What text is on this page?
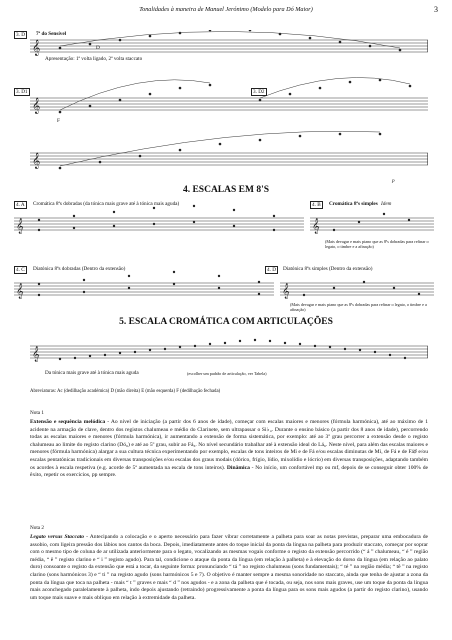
Tonalidades à maneira de Manuel Jerónimo (Modelo para Dó Maior)	3
𝄞
𝄞
𝄞
3. D	7ª do Sensível
Apresentação: 1ª volta ligado, 2ª volta staccato
D
3. D1	3. D2
F
p
4. ESCALAS EM 8'S
𝄞	𝄞
𝄞	𝄞
4. A	Cromática 8ªs dobradas (da tónica mais grave até à tónica mais aguda)	4. B	Cromática 8ªs simples Idem
(Mais devagar e mais piano que as 8ªs dobradas para refinar o legato, o timbre e a afinação)
4. C	Diatónica 8ªs dobradas (Dentro da extensão)	4. D	Diatónica 8ªs simples (Dentro da extensão)
(Mais devagar e mais piano que as 8ªs dobradas para refinar o legato, o timbre e a afinação)
5. ESCALA CROMÁTICA COM ARTICULAÇÕES
𝄞
Da tónica mais grave até à tónica mais aguda	(escolher um padrão de articulação, ver Tabela)
Abreviaturas: Ac (dedilhação académica) D (mão direita) E (mão esquerda) F (dedilhação fechada)
Nota 1
Extensão e sequência melódica - Ao nível de iniciação (a partir dos 6 anos de idade), começar com escalas maiores e menores (fórmula harmónica), até ao máximo de 1 acidente na armação de clave, dentro dos registos chalumeau e médio do Clarinete, sem ultrapassar o Si♭₄. Durante o ensino básico (a partir dos 8 anos de idade), percorrendo todas as escalas maiores e menores (fórmula harmónica), ir aumentando a extensão de forma sistemática, por exemplo: até ao 3º grau percorrer a extensão desde o registo chalumeau ao limite do registo clarino (Dó₆) e até ao 5º grau, subir ao Fá₆. No nível secundário trabalhar até à extensão ideal do Lá₆. Neste nível, para além das escalas maiores e menores (fórmula harmónica) alargar a sua cultura técnica experimentando por exemplo, escalas de tons inteiros de Mi e de Fá e/ou escalas diminutas de Mi, de Fá e de Fá♯ e/ou escalas pentatónicas tradicionais em diversas transposições e/ou escalas dos graus modais (dórico, frígio, lídio, mixolídio e lócrio) em diversas transposições, adaptando também os acordes à escala respetiva (e.g. acorde de 5ª aumentada na escala de tons inteiros). Dinâmica - No início, um confortável mp ou mf, depois de se conseguir obter 100% de êxito, repetir os exercícios, pp sempre.
Nota 2
Legato versus Staccato - Antecipando a colocação e o aperto necessário para fazer vibrar corretamente a palheta para soar as notas previstas, preparar uma embocadura de assobio, com ligeira pressão dos lábios nos cantos da boca. Depois, imediatamente antes do toque inicial da ponta da língua na palheta para produzir staccato, começar por soprar com o mesmo tipo de coluna de ar utilizada anteriormente para o legato, vocalizando as mesmas vogais conforme o registo da extensão percorrido (“ á ” chalumeau, “ é ” região média, “ ê ” registo clarino e “ i ” registo agudo). Para tal, condicione o ataque da ponta da língua (em relação à palheta) e à elevação do dorso da língua (em relação ao palato duro) consoante o registo da extensão que está a tocar, da seguinte forma: pronunciando “ tá ” no registo chalumeau (sons fundamentais); “ té ” na região média; “ tê ” na registo clarino (sons harmónicos 3) e “ ti ” na registo agudo (sons harmónicos 5 e 7). O objetivo é manter sempre a mesma sonoridade no staccato, ainda que tenha de ajustar a zona da ponta da língua que toca na palheta - mais “ t ” graves e mais “ d ” nos agudos - e a zona da palheta que é tocada, ou seja, nos sons mais graves, use um toque da ponta da língua mais aconchegado paralelamente à palheta, indo depois ajustando (retraindo) progressivamente a ponta da língua para os sons mais agudos (a partir do registo clarino), usando um toque mais suave e mais oblíquo em relação à extremidade da palheta.
